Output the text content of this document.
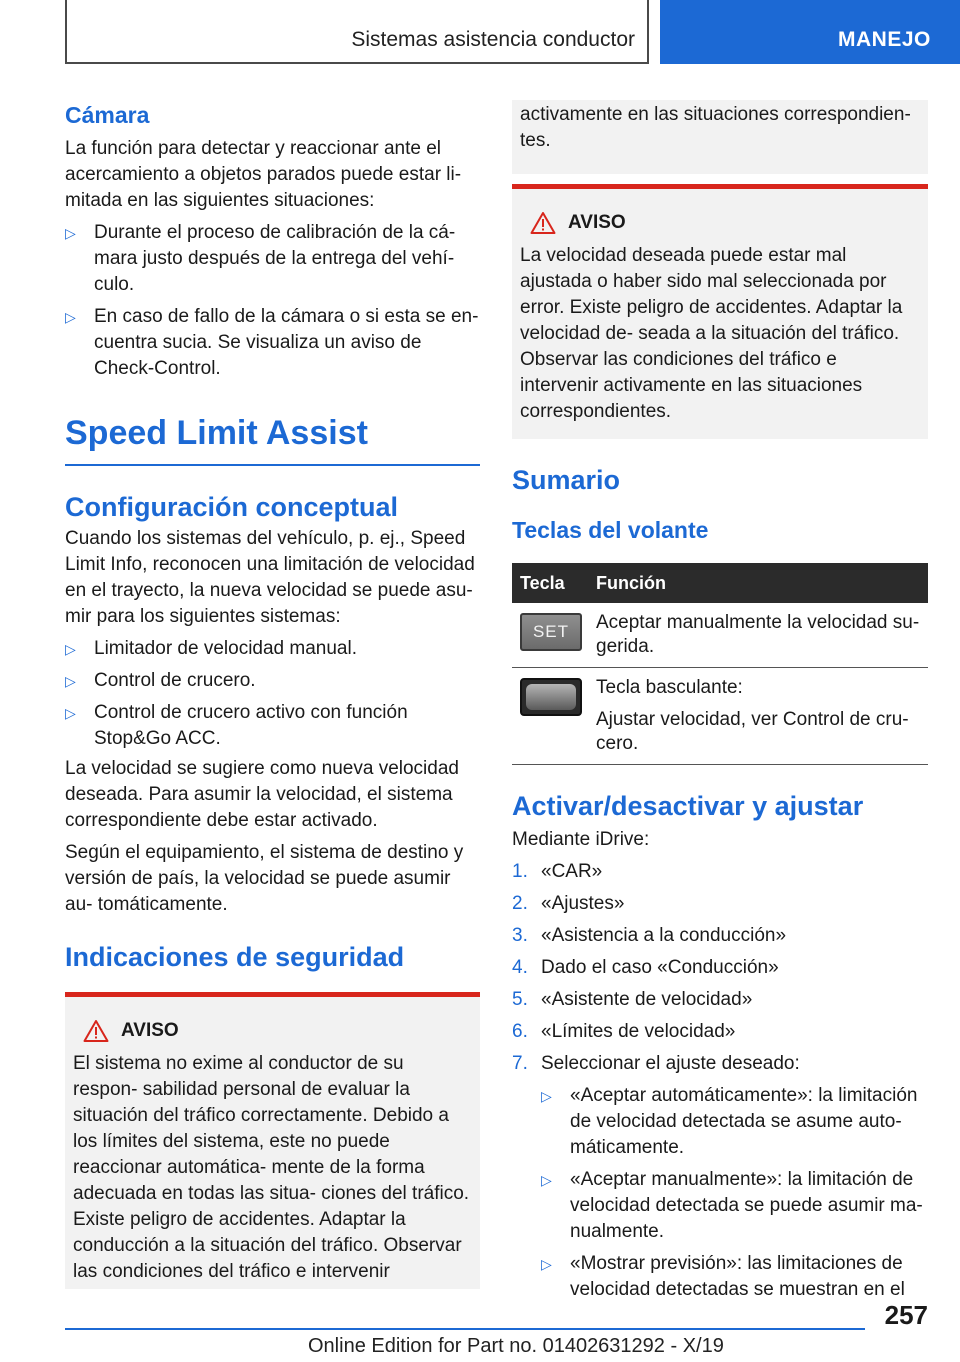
Sistemas asistencia conductor	MANEJO
Cámara

La función para detectar y reaccionar ante el acercamiento a objetos parados puede estar li- mitada en las siguientes situaciones:

▷ Durante el proceso de calibración de la cá- mara justo después de la entrega del vehí- culo.
▷ En caso de fallo de la cámara o si esta se en- cuentra sucia. Se visualiza un aviso de Check-Control.
Speed Limit Assist
Configuración conceptual

Cuando los sistemas del vehículo, p. ej., Speed Limit Info, reconocen una limitación de velocidad en el trayecto, la nueva velocidad se puede asu- mir para los siguientes sistemas:

▷ Limitador de velocidad manual.
▷ Control de crucero.
▷ Control de crucero activo con función Stop&Go ACC.

La velocidad se sugiere como nueva velocidad deseada. Para asumir la velocidad, el sistema correspondiente debe estar activado.

Según el equipamiento, el sistema de destino y versión de país, la velocidad se puede asumir au- tomáticamente.

Indicaciones de seguridad
AVISO

El sistema no exime al conductor de su respon- sabilidad personal de evaluar la situación del tráfico correctamente. Debido a los límites del sistema, este no puede reaccionar automática- mente de la forma adecuada en todas las situa- ciones del tráfico. Existe peligro de accidentes. Adaptar la conducción a la situación del tráfico. Observar las condiciones del tráfico e intervenir

activamente en las situaciones correspondien- tes.

AVISO

La velocidad deseada puede estar mal ajustada o haber sido mal seleccionada por error. Existe peligro de accidentes. Adaptar la velocidad de- seada a la situación del tráfico. Observar las condiciones del tráfico e intervenir activamente en las situaciones correspondientes.

Sumario
Teclas del volante
Tecla	Función

SET	Aceptar manualmente la velocidad su- gerida.

	Tecla basculante:
Ajustar velocidad, ver Control de cru- cero.
Activar/desactivar y ajustar

Mediante iDrive:

1. «CAR»
2. «Ajustes»
3. «Asistencia a la conducción»
4. Dado el caso «Conducción»
5. «Asistente de velocidad»
6. «Límites de velocidad»
7. Seleccionar el ajuste deseado:
▷ «Aceptar automáticamente»: la limitación de velocidad detectada se asume auto- máticamente.
▷ «Aceptar manualmente»: la limitación de velocidad detectada se puede asumir ma- nualmente.
▷ «Mostrar previsión»: las limitaciones de velocidad detectadas se muestran en el
257
Online Edition for Part no. 01402631292 - X/19
